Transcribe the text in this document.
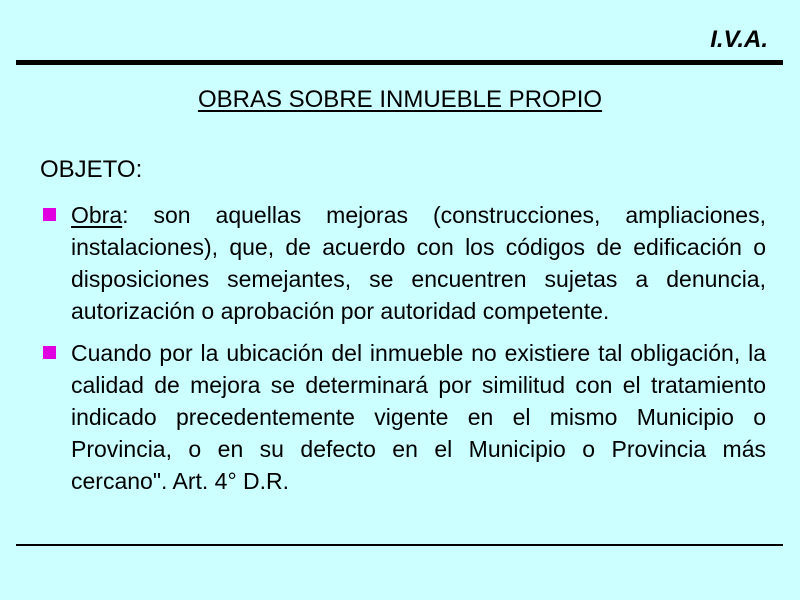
I.V.A.
OBRAS SOBRE INMUEBLE PROPIO
OBJETO:
Obra: son aquellas mejoras (construcciones, ampliaciones, instalaciones), que, de acuerdo con los códigos de edificación o disposiciones semejantes, se encuentren sujetas a denuncia, autorización o aprobación por autoridad competente.
Cuando por la ubicación del inmueble no existiere tal obligación, la calidad de mejora se determinará por similitud con el tratamiento indicado precedentemente vigente en el mismo Municipio o Provincia, o en su defecto en el Municipio o Provincia más cercano". Art. 4° D.R.
